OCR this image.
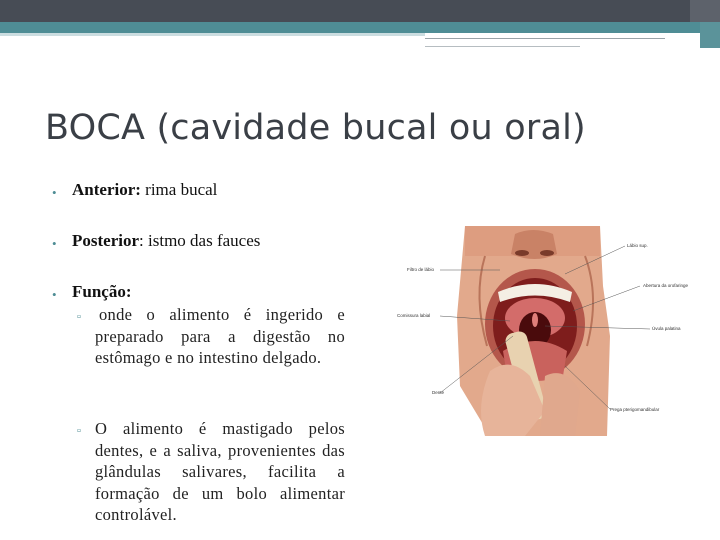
BOCA (cavidade bucal ou oral)
• Anterior: rima bucal
• Posterior: istmo das fauces
• Função:
▫ onde o alimento é ingerido e preparado para a digestão no estômago e no intestino delgado.
▫ O alimento é mastigado pelos dentes, e a saliva, provenientes das glândulas salivares, facilita a formação de um bolo alimentar controlável.
Lábio sup.
Filtro de lábio
Abertura da orofaringe
Comissura labial
Úvula palatina
Dente
Prega pterigomandibular
